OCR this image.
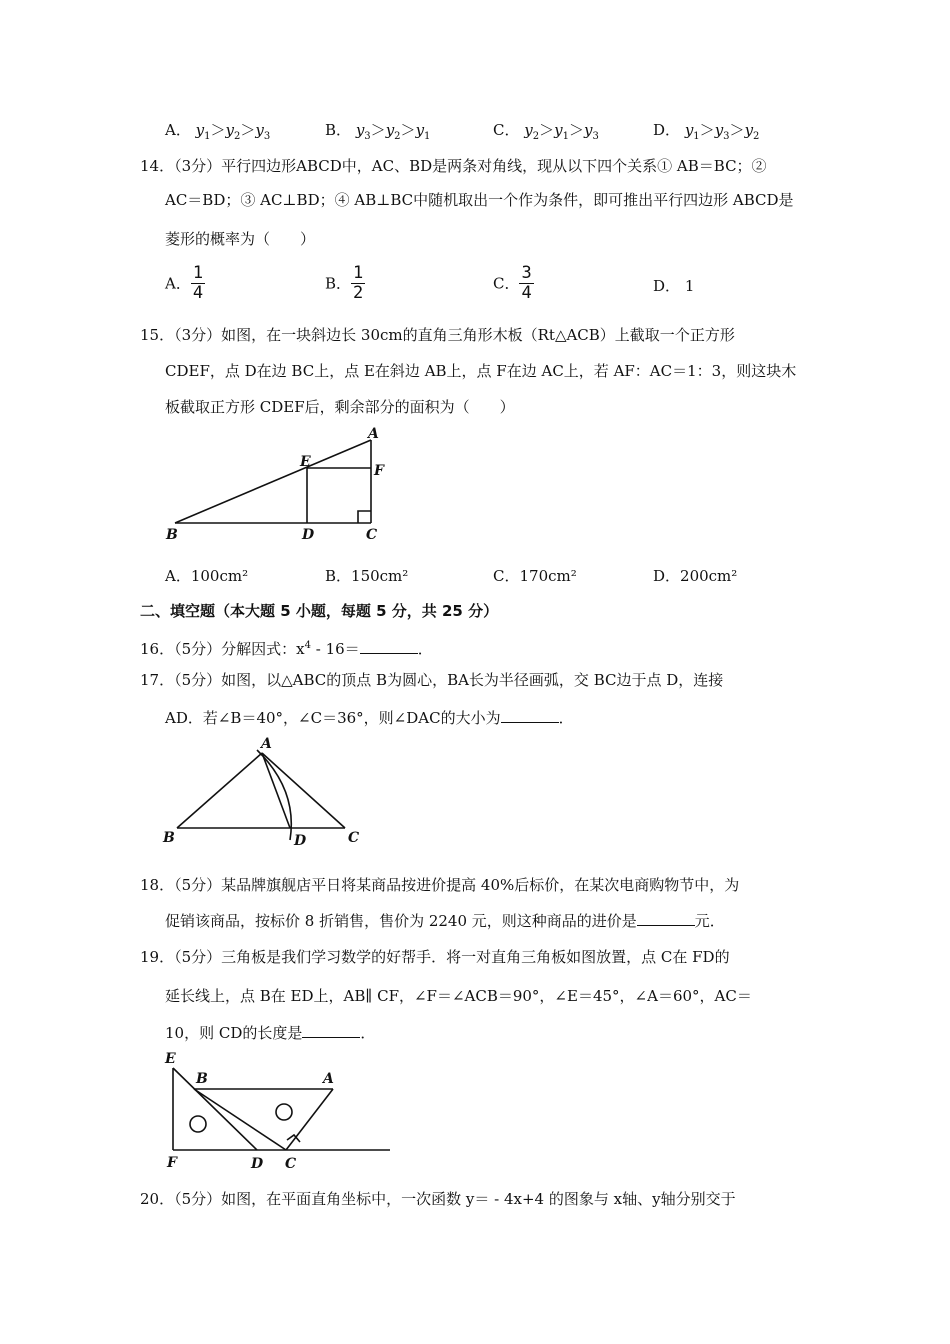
A． $y_1>y_2>y_3$	B． $y_3>y_2>y_1$	C． $y_2>y_1>y_3$	D． $y_1>y_3>y_2$
14．（3分）平行四边形ABCD中，AC、BD是两条对角线，现从以下四个关系① AB＝BC；②
AC＝BD；③ AC⊥BD；④ AB⊥BC中随机取出一个作为条件，即可推出平行四边形 ABCD是
菱形的概率为（　　）
A． $\frac{1}{4}$	B． $\frac{1}{2}$	C． $\frac{3}{4}$	D． 1
15．（3分）如图，在一块斜边长 30cm的直角三角形木板（Rt△ACB）上截取一个正方形
CDEF，点 D在边 BC上，点 E在斜边 AB上，点 F在边 AC上，若 AF：AC＝1：3，则这块木
板截取正方形 CDEF后，剩余部分的面积为（　　）
A
E
F
B	D	C
A．100cm²	B．150cm²	C．170cm²	D．200cm²
二、填空题（本大题 5 小题，每题 5 分，共 25 分）
16．（5分）分解因式：$x^4 - 16=$	．
17．（5分）如图，以△ABC的顶点 B为圆心，BA长为半径画弧，交 BC边于点 D，连接
AD．若∠B＝40°，∠C＝36°，则∠DAC的大小为	．
A
B	D	C
18．（5分）某品牌旗舰店平日将某商品按进价提高 40%后标价，在某次电商购物节中，为
促销该商品，按标价 8 折销售，售价为 2240 元，则这种商品的进价是	元．
19．（5分）三角板是我们学习数学的好帮手．将一对直角三角板如图放置，点 C在 FD的
延长线上，点 B在 ED上，AB∥ CF，∠F＝∠ACB＝90°，∠E＝45°，∠A＝60°，AC＝
10，则 CD的长度是	．
E
B	A
F	D C
20．（5分）如图，在平面直角坐标中，一次函数 y＝ - 4x+4 的图象与 x轴、y轴分别交于
